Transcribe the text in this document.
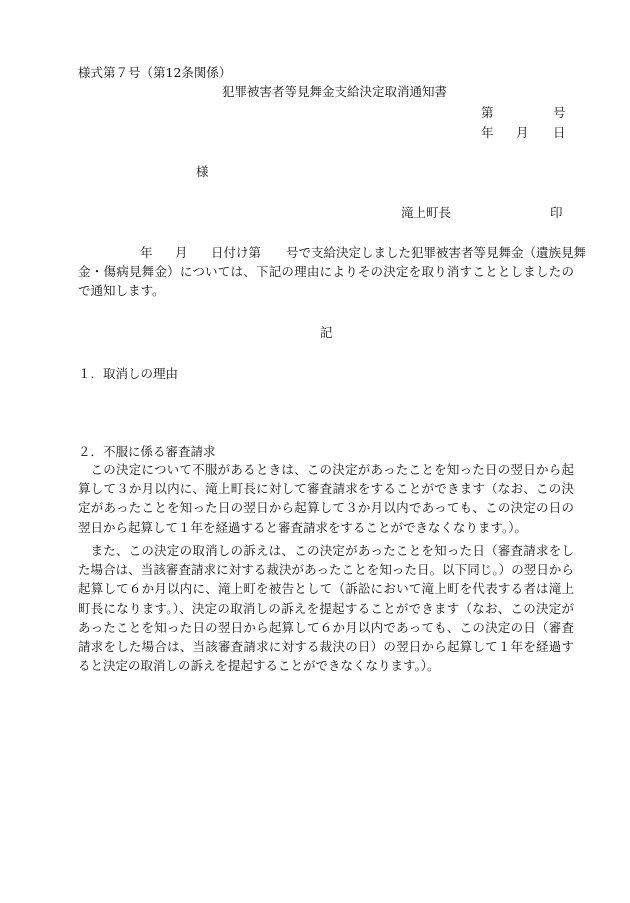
様式第７号（第12条関係）
犯罪被害者等見舞金支給決定取消通知書
第	号
年 月 日
様
滝上町長	印
年 月 日付け第 号で支給決定しました犯罪被害者等見舞金（遺族見舞

金・傷病見舞金）については、下記の理由によりその決定を取り消すこととしましたので通知します。

記
１．取消しの理由
２．不服に係る審査請求

この決定について不服があるときは、この決定があったことを知った日の翌日から起算して３か月以内に、滝上町長に対して審査請求をすることができます（なお、この決定があったことを知った日の翌日から起算して３か月以内であっても、この決定の日の翌日から起算して１年を経過すると審査請求をすることができなくなります。）。

また、この決定の取消しの訴えは、この決定があったことを知った日（審査請求をした場合は、当該審査請求に対する裁決があったことを知った日。以下同じ。）の翌日から起算して６か月以内に、滝上町を被告として（訴訟において滝上町を代表する者は滝上町長になります。）、決定の取消しの訴えを提起することができます（なお、この決定があったことを知った日の翌日から起算して６か月以内であっても、この決定の日（審査請求をした場合は、当該審査請求に対する裁決の日）の翌日から起算して１年を経過すると決定の取消しの訴えを提起することができなくなります。）。
